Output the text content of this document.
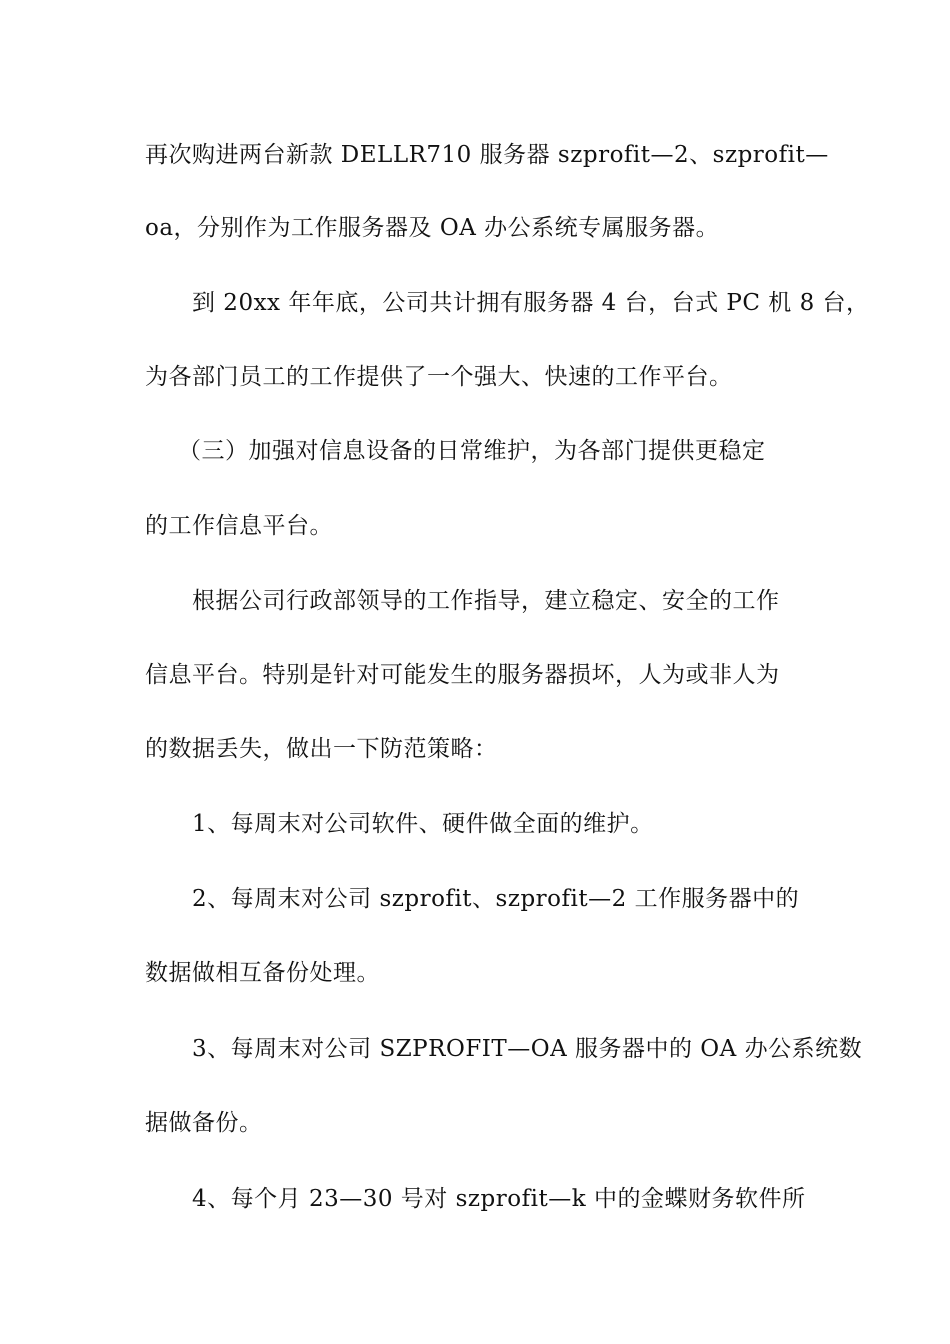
再次购进两台新款 DELLR710 服务器 szprofit—2、szprofit—
oa，分别作为工作服务器及 OA 办公系统专属服务器。
到 20xx 年年底，公司共计拥有服务器 4 台，台式 PC 机 8 台，
为各部门员工的工作提供了一个强大、快速的工作平台。
（三）加强对信息设备的日常维护，为各部门提供更稳定
的工作信息平台。
根据公司行政部领导的工作指导，建立稳定、安全的工作
信息平台。特别是针对可能发生的服务器损坏，人为或非人为
的数据丢失，做出一下防范策略：
1、每周末对公司软件、硬件做全面的维护。
2、每周末对公司 szprofit、szprofit—2 工作服务器中的
数据做相互备份处理。
3、每周末对公司 SZPROFIT—OA 服务器中的 OA 办公系统数
据做备份。
4、每个月 23—30 号对 szprofit—k 中的金蝶财务软件所
